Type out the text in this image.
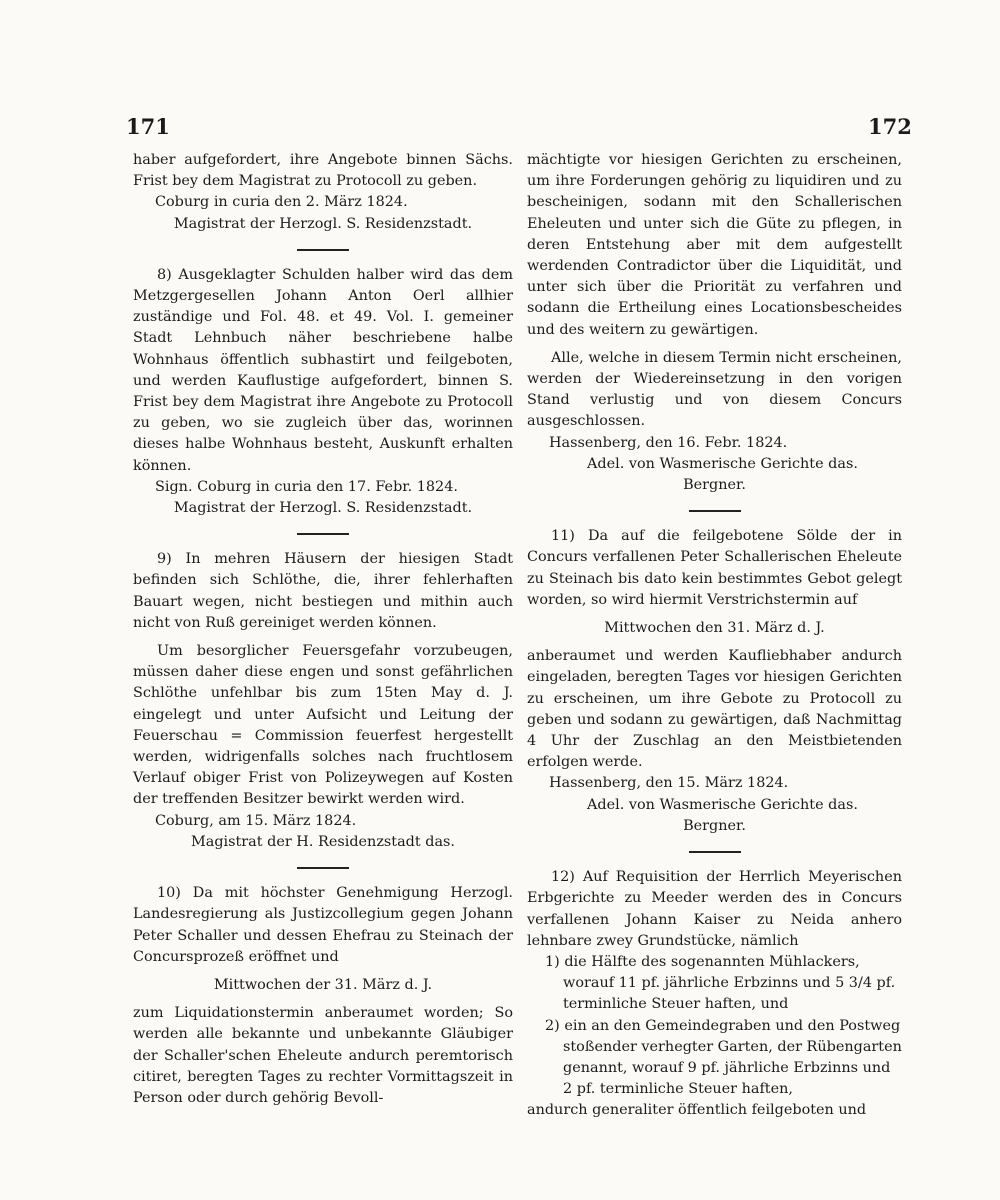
171	172

haber aufgefordert, ihre Angebote binnen Sächs. Frist bey dem Magistrat zu Protocoll zu geben.

Coburg in curia den 2. März 1824.

Magistrat der Herzogl. S. Residenzstadt.

8) Ausgeklagter Schulden halber wird das dem Metzgergesellen Johann Anton Oerl allhier zuständige und Fol. 48. et 49. Vol. I. gemeiner Stadt Lehnbuch näher beschriebene halbe Wohnhaus öffentlich subhastirt und feilgeboten, und werden Kauflustige aufgefordert, binnen S. Frist bey dem Magistrat ihre Angebote zu Protocoll zu geben, wo sie zugleich über das, worinnen dieses halbe Wohnhaus besteht, Auskunft erhalten können.

Sign. Coburg in curia den 17. Febr. 1824.

Magistrat der Herzogl. S. Residenzstadt.

9) In mehren Häusern der hiesigen Stadt befinden sich Schlöthe, die, ihrer fehlerhaften Bauart wegen, nicht bestiegen und mithin auch nicht von Ruß gereiniget werden können.

Um besorglicher Feuersgefahr vorzubeugen, müssen daher diese engen und sonst gefährlichen Schlöthe unfehlbar bis zum 15ten May d. J. eingelegt und unter Aufsicht und Leitung der Feuerschau = Commission feuerfest hergestellt werden, widrigenfalls solches nach fruchtlosem Verlauf obiger Frist von Polizeywegen auf Kosten der treffenden Besitzer bewirkt werden wird.

Coburg, am 15. März 1824.

Magistrat der H. Residenzstadt das.

10) Da mit höchster Genehmigung Herzogl. Landesregierung als Justizcollegium gegen Johann Peter Schaller und dessen Ehefrau zu Steinach der Concursprozeß eröffnet und

Mittwochen der 31. März d. J.

zum Liquidationstermin anberaumet worden; So werden alle bekannte und unbekannte Gläubiger der Schaller'schen Eheleute andurch peremtorisch citiret, beregten Tages zu rechter Vormittagszeit in Person oder durch gehörig Bevoll-

mächtigte vor hiesigen Gerichten zu erscheinen, um ihre Forderungen gehörig zu liquidiren und zu bescheinigen, sodann mit den Schallerischen Eheleuten und unter sich die Güte zu pflegen, in deren Entstehung aber mit dem aufgestellt werdenden Contradictor über die Liquidität, und unter sich über die Priorität zu verfahren und sodann die Ertheilung eines Locationsbescheides und des weitern zu gewärtigen.

Alle, welche in diesem Termin nicht erscheinen, werden der Wiedereinsetzung in den vorigen Stand verlustig und von diesem Concurs ausgeschlossen.

Hassenberg, den 16. Febr. 1824.

Adel. von Wasmerische Gerichte das.

Bergner.

11) Da auf die feilgebotene Sölde der in Concurs verfallenen Peter Schallerischen Eheleute zu Steinach bis dato kein bestimmtes Gebot gelegt worden, so wird hiermit Verstrichstermin auf

Mittwochen den 31. März d. J.

anberaumet und werden Kaufliebhaber andurch eingeladen, beregten Tages vor hiesigen Gerichten zu erscheinen, um ihre Gebote zu Protocoll zu geben und sodann zu gewärtigen, daß Nachmittag 4 Uhr der Zuschlag an den Meistbietenden erfolgen werde.

Hassenberg, den 15. März 1824.

Adel. von Wasmerische Gerichte das.

Bergner.

12) Auf Requisition der Herrlich Meyerischen Erbgerichte zu Meeder werden des in Concurs verfallenen Johann Kaiser zu Neida anhero lehnbare zwey Grundstücke, nämlich

1) die Hälfte des sogenannten Mühlackers, worauf 11 pf. jährliche Erbzinns und 5 3/4 pf. terminliche Steuer haften, und
2) ein an den Gemeindegraben und den Postweg stoßender verhegter Garten, der Rübengarten genannt, worauf 9 pf. jährliche Erbzinns und 2 pf. terminliche Steuer haften,

andurch generaliter öffentlich feilgeboten und
